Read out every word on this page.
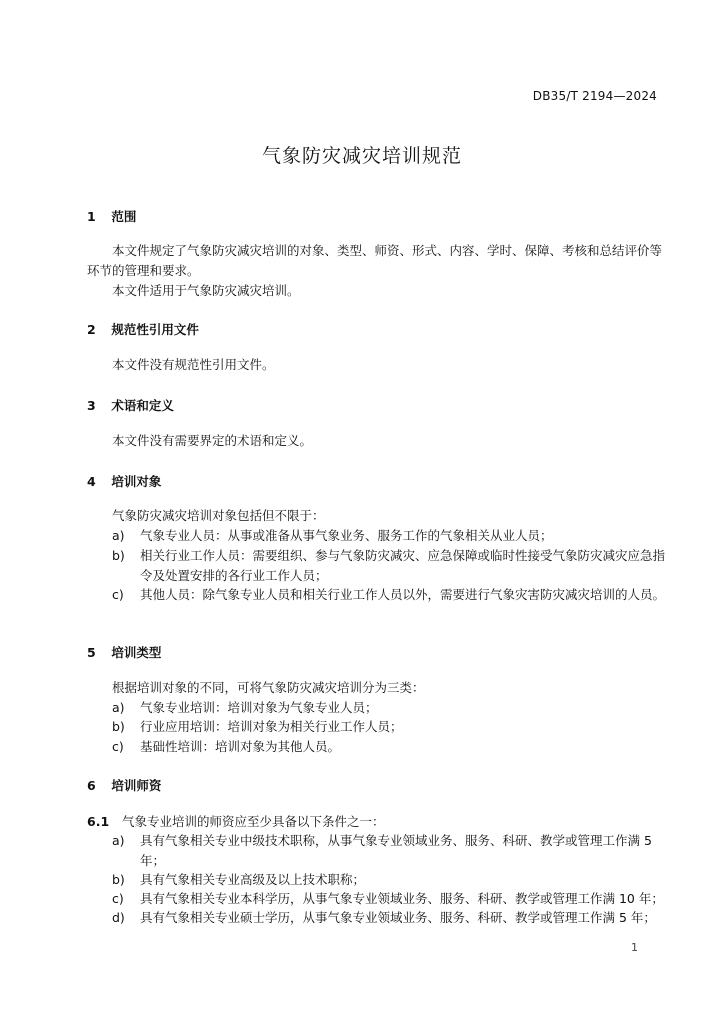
DB35/T 2194—2024
气象防灾减灾培训规范
1 范围
本文件规定了气象防灾减灾培训的对象、类型、师资、形式、内容、学时、保障、考核和总结评价等环节的管理和要求。
本文件适用于气象防灾减灾培训。
2 规范性引用文件
本文件没有规范性引用文件。
3 术语和定义
本文件没有需要界定的术语和定义。
4 培训对象
气象防灾减灾培训对象包括但不限于：
a) 气象专业人员：从事或准备从事气象业务、服务工作的气象相关从业人员；
b) 相关行业工作人员：需要组织、参与气象防灾减灾、应急保障或临时性接受气象防灾减灾应急指令及处置安排的各行业工作人员；
c) 其他人员：除气象专业人员和相关行业工作人员以外，需要进行气象灾害防灾减灾培训的人员。
5 培训类型
根据培训对象的不同，可将气象防灾减灾培训分为三类：
a) 气象专业培训：培训对象为气象专业人员；
b) 行业应用培训：培训对象为相关行业工作人员；
c) 基础性培训：培训对象为其他人员。
6 培训师资
6.1 气象专业培训的师资应至少具备以下条件之一：
a) 具有气象相关专业中级技术职称，从事气象专业领域业务、服务、科研、教学或管理工作满 5 年；
b) 具有气象相关专业高级及以上技术职称；
c) 具有气象相关专业本科学历，从事气象专业领域业务、服务、科研、教学或管理工作满 10 年；
d) 具有气象相关专业硕士学历，从事气象专业领域业务、服务、科研、教学或管理工作满 5 年；
1
